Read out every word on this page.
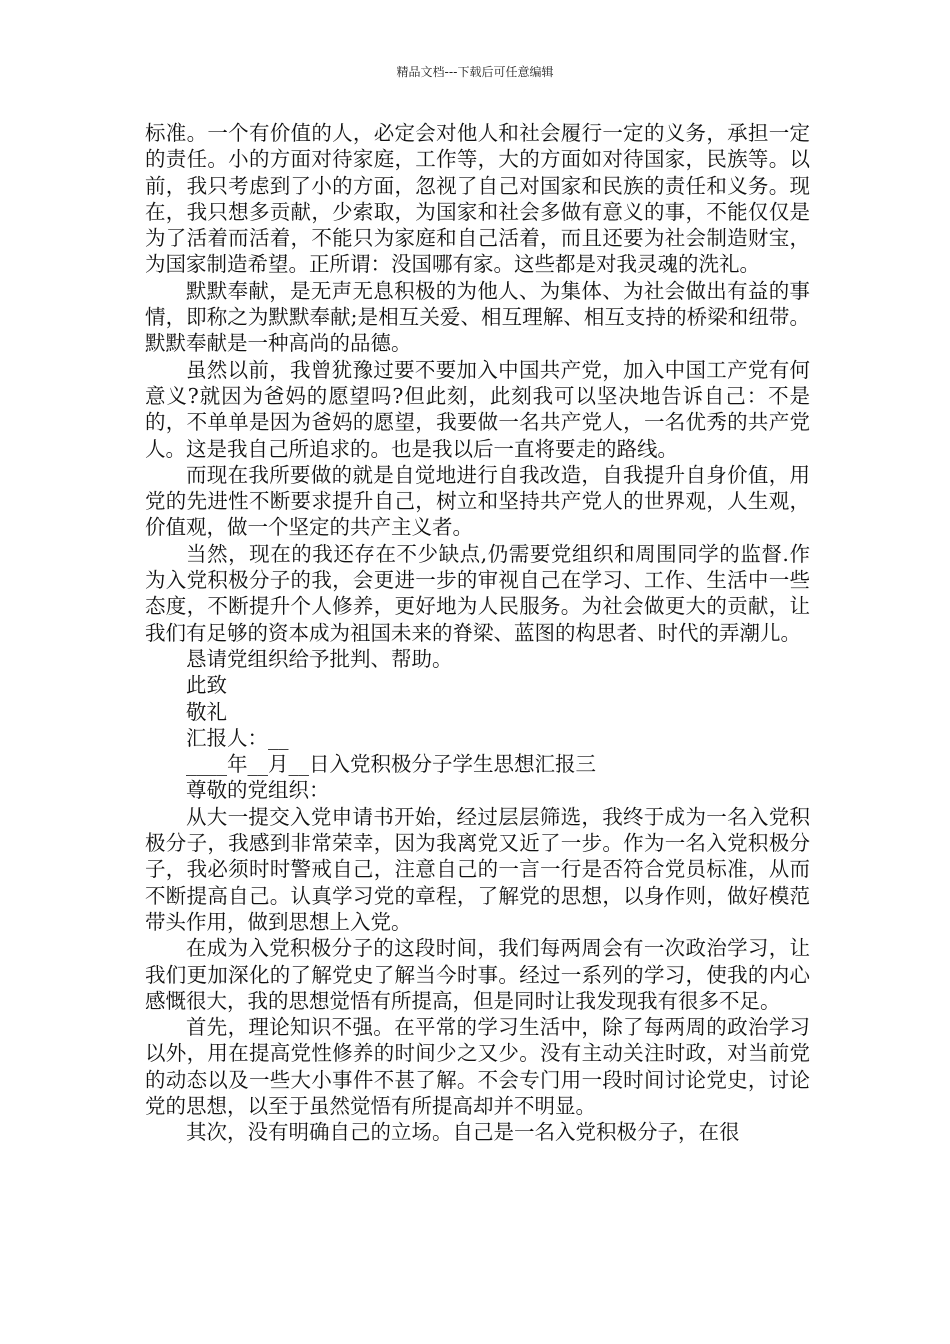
精品文档---下载后可任意编辑

标准。一个有价值的人，必定会对他人和社会履行一定的义务，承担一定的责任。小的方面对待家庭，工作等，大的方面如对待国家，民族等。以前，我只考虑到了小的方面，忽视了自己对国家和民族的责任和义务。现在，我只想多贡献，少索取，为国家和社会多做有意义的事，不能仅仅是为了活着而活着，不能只为家庭和自己活着，而且还要为社会制造财宝，为国家制造希望。正所谓：没国哪有家。这些都是对我灵魂的洗礼。

默默奉献，是无声无息积极的为他人、为集体、为社会做出有益的事情，即称之为默默奉献;是相互关爱、相互理解、相互支持的桥梁和纽带。默默奉献是一种高尚的品德。

虽然以前，我曾犹豫过要不要加入中国共产党，加入中国工产党有何意义?就因为爸妈的愿望吗?但此刻，此刻我可以坚决地告诉自己：不是的，不单单是因为爸妈的愿望，我要做一名共产党人，一名优秀的共产党人。这是我自己所追求的。也是我以后一直将要走的路线。

而现在我所要做的就是自觉地进行自我改造，自我提升自身价值，用党的先进性不断要求提升自己，树立和坚持共产党人的世界观，人生观，价值观，做一个坚定的共产主义者。

当然，现在的我还存在不少缺点,仍需要党组织和周围同学的监督.作为入党积极分子的我，会更进一步的审视自己在学习、工作、生活中一些态度，不断提升个人修养，更好地为人民服务。为社会做更大的贡献，让我们有足够的资本成为祖国未来的脊梁、蓝图的构思者、时代的弄潮儿。

恳请党组织给予批判、帮助。

此致

敬礼

汇报人：__

____年__月__日入党积极分子学生思想汇报三

尊敬的党组织：

从大一提交入党申请书开始，经过层层筛选，我终于成为一名入党积极分子，我感到非常荣幸，因为我离党又近了一步。作为一名入党积极分子，我必须时时警戒自己，注意自己的一言一行是否符合党员标准，从而不断提高自己。认真学习党的章程，了解党的思想，以身作则，做好模范带头作用，做到思想上入党。

在成为入党积极分子的这段时间，我们每两周会有一次政治学习，让我们更加深化的了解党史了解当今时事。经过一系列的学习，使我的内心感慨很大，我的思想觉悟有所提高，但是同时让我发现我有很多不足。

首先，理论知识不强。在平常的学习生活中，除了每两周的政治学习以外，用在提高党性修养的时间少之又少。没有主动关注时政，对当前党的动态以及一些大小事件不甚了解。不会专门用一段时间讨论党史，讨论党的思想，以至于虽然觉悟有所提高却并不明显。

其次，没有明确自己的立场。自己是一名入党积极分子，在很
